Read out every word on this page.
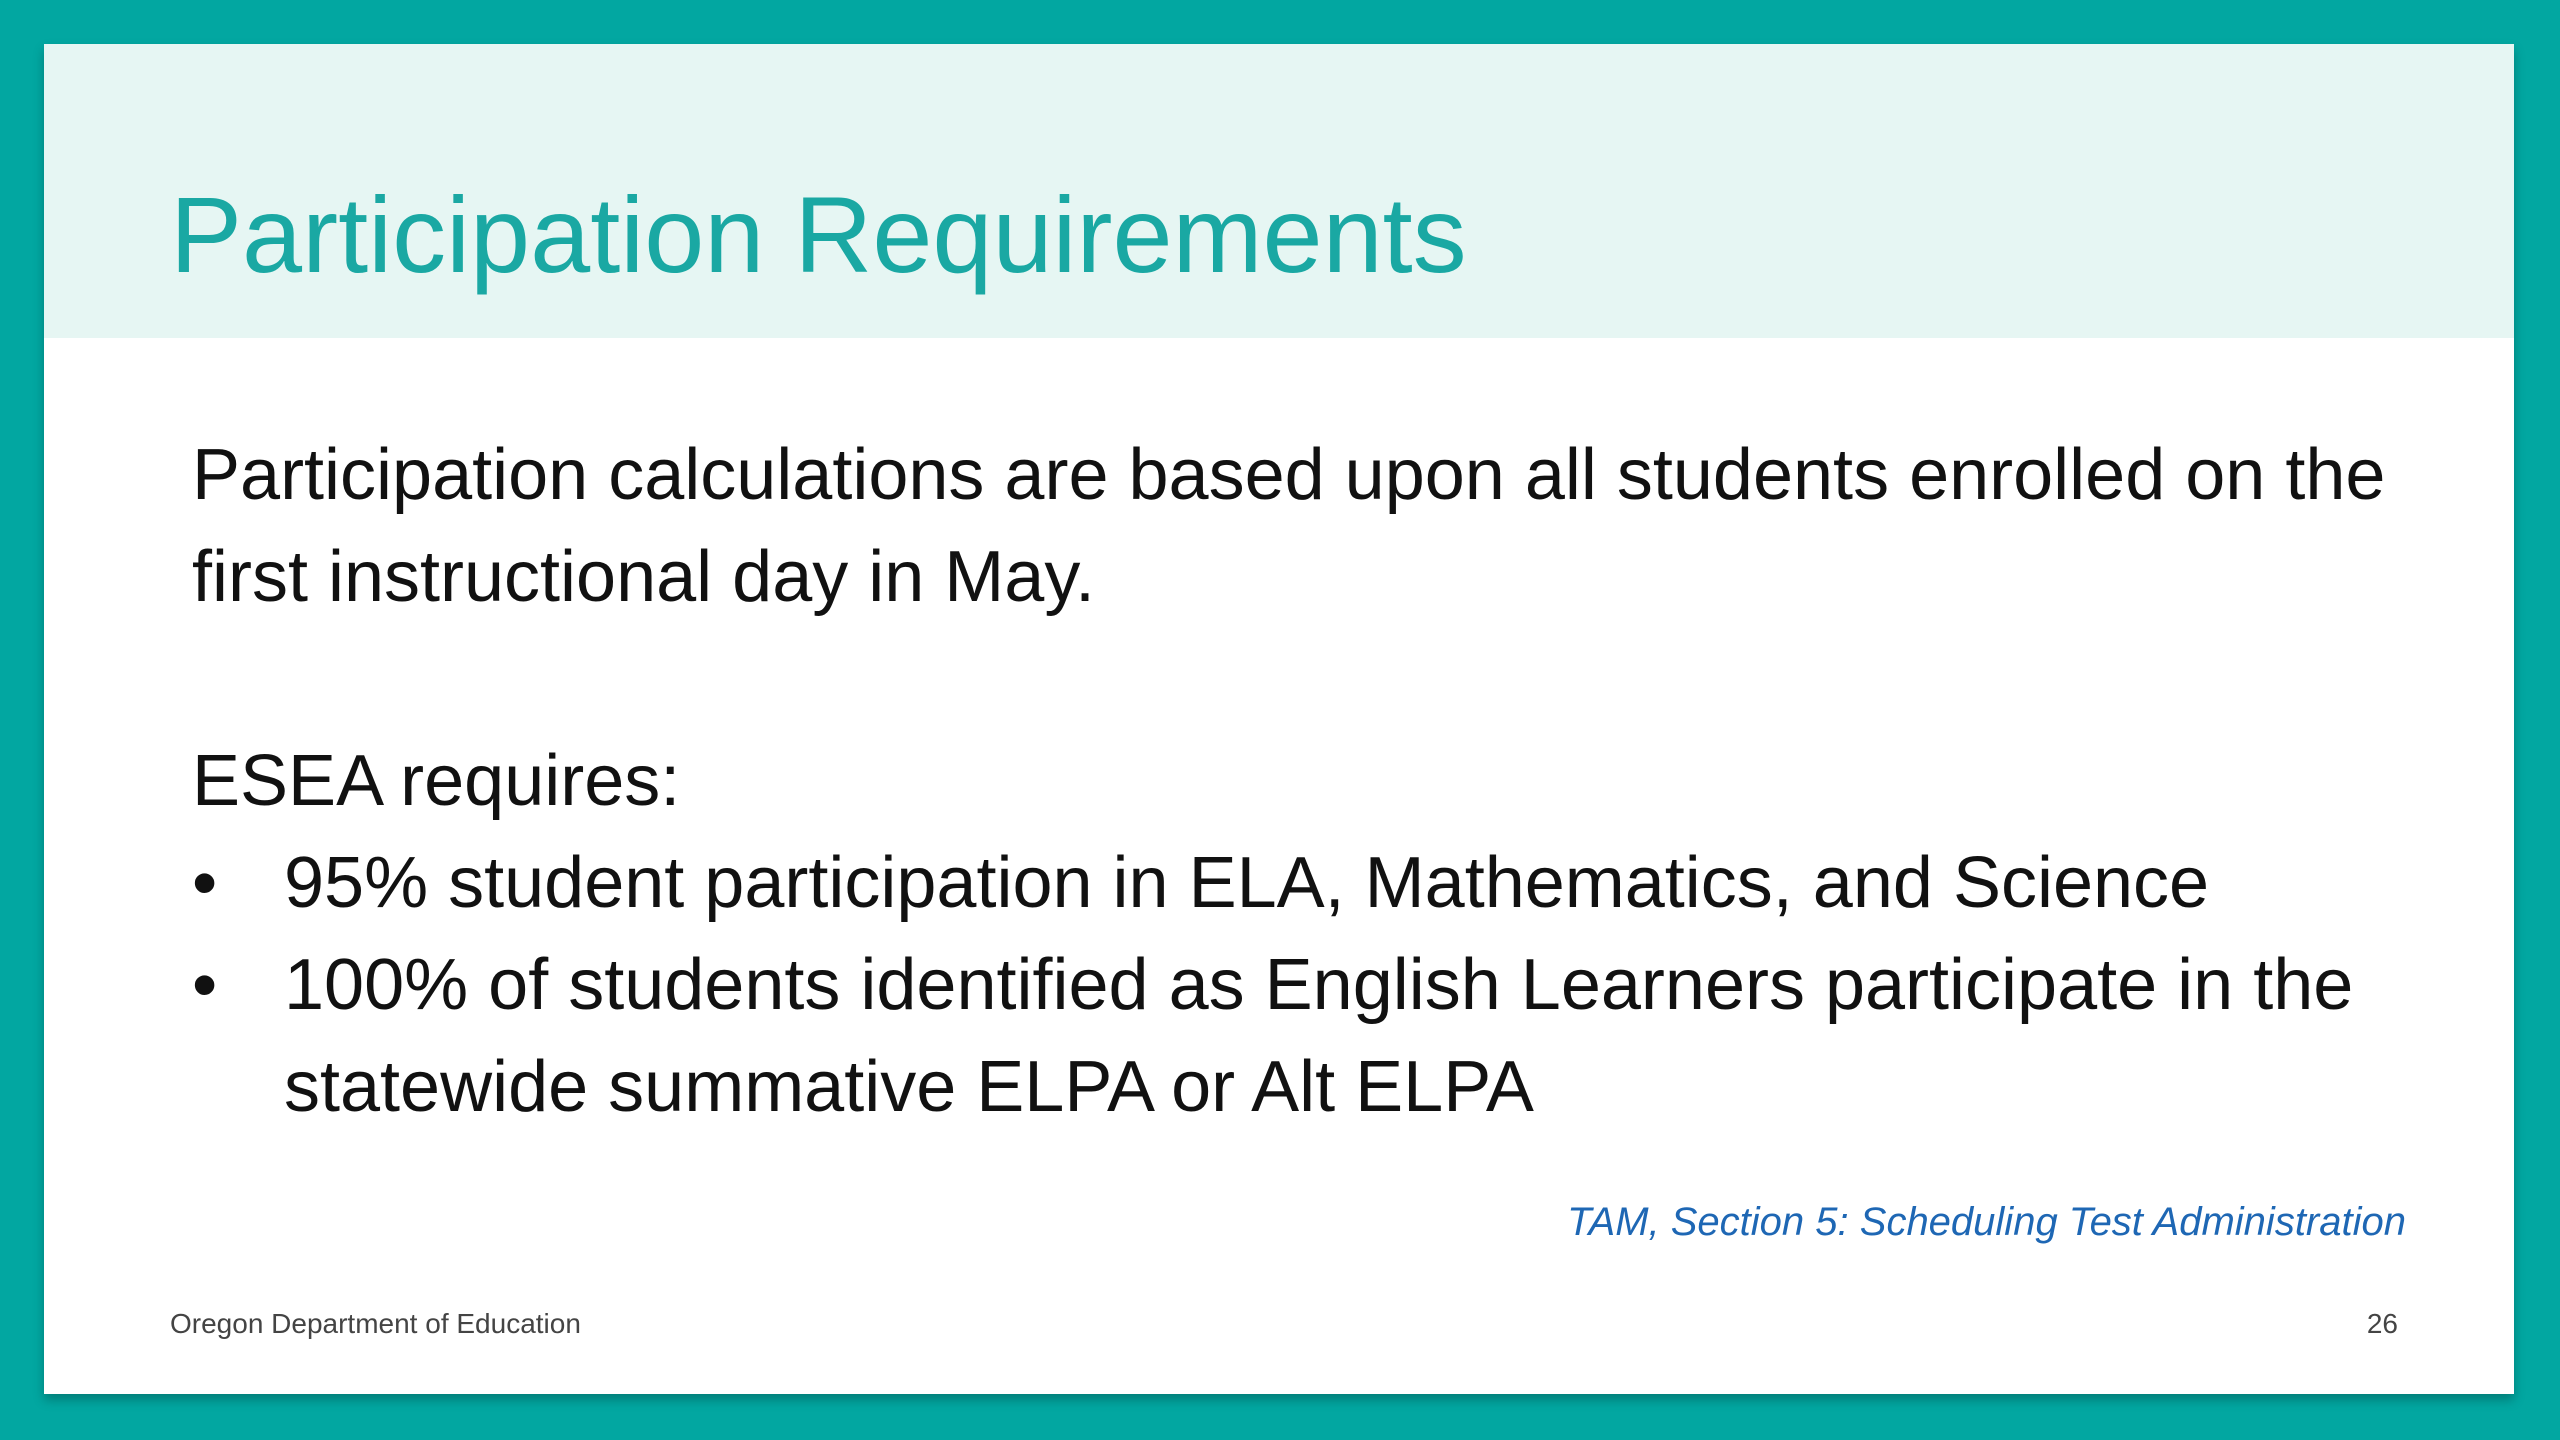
Participation Requirements

Participation calculations are based upon all students enrolled on the first instructional day in May.

ESEA requires:

• 95% student participation in ELA, Mathematics, and Science
• 100% of students identified as English Learners participate in the statewide summative ELPA or Alt ELPA
TAM, Section 5: Scheduling Test Administration
Oregon Department of Education	26
